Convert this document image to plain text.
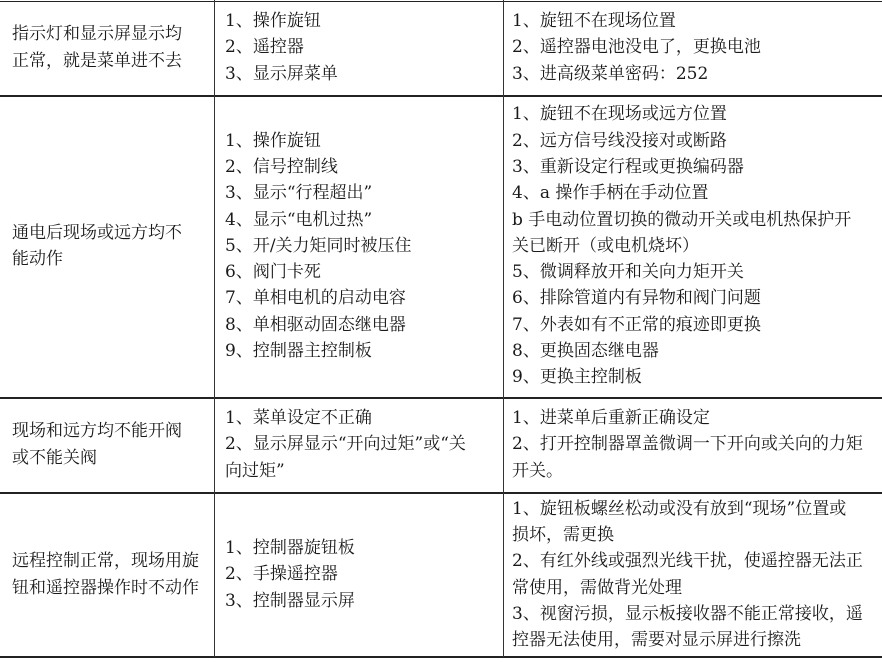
指示灯和显示屏显示均
正常，就是菜单进不去
1、操作旋钮
2、遥控器
3、显示屏菜单
1、旋钮不在现场位置
2、遥控器电池没电了，更换电池
3、进高级菜单密码：252
通电后现场或远方均不
能动作
1、操作旋钮
2、信号控制线
3、显示“行程超出”
4、显示“电机过热”
5、开/关力矩同时被压住
6、阀门卡死
7、单相电机的启动电容
8、单相驱动固态继电器
9、控制器主控制板
1、旋钮不在现场或远方位置
2、远方信号线没接对或断路
3、重新设定行程或更换编码器
4、a 操作手柄在手动位置
b 手电动位置切换的微动开关或电机热保护开
关已断开（或电机烧坏）
5、微调释放开和关向力矩开关
6、排除管道内有异物和阀门问题
7、外表如有不正常的痕迹即更换
8、更换固态继电器
9、更换主控制板
现场和远方均不能开阀
或不能关阀
1、菜单设定不正确
2、显示屏显示“开向过矩”或“关
向过矩”
1、进菜单后重新正确设定
2、打开控制器罩盖微调一下开向或关向的力矩
开关。
远程控制正常，现场用旋
钮和遥控器操作时不动作
1、控制器旋钮板
2、手操遥控器
3、控制器显示屏
1、旋钮板螺丝松动或没有放到“现场”位置或
损坏，需更换
2、有红外线或强烈光线干扰，使遥控器无法正
常使用，需做背光处理
3、视窗污损，显示板接收器不能正常接收，遥
控器无法使用，需要对显示屏进行擦洗
